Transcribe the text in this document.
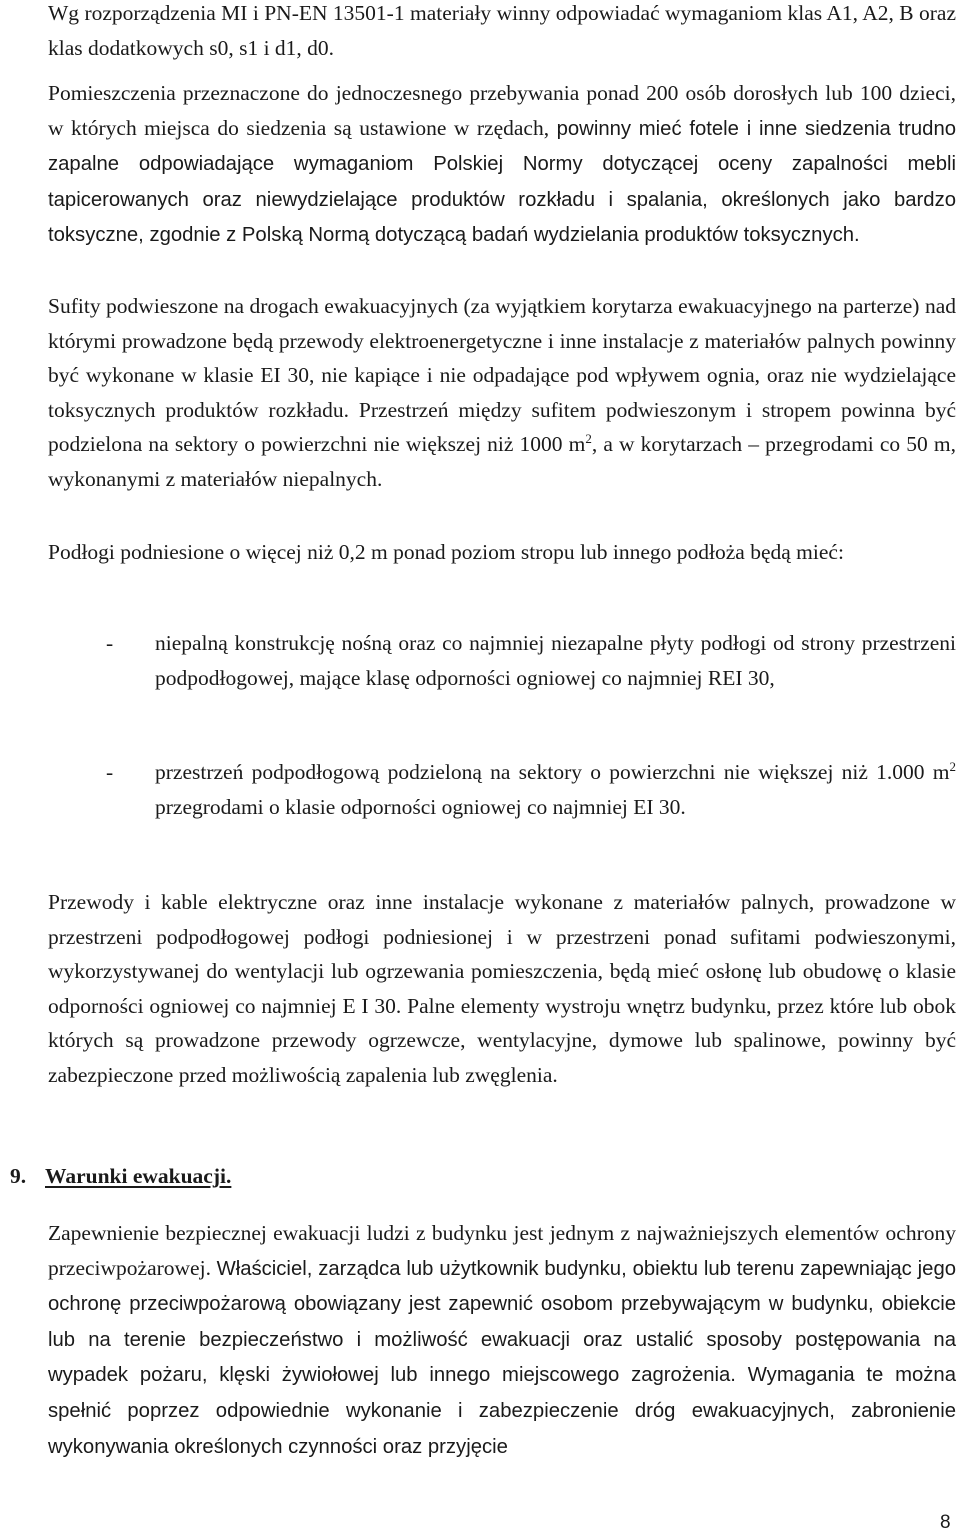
Wg rozporządzenia MI i PN-EN 13501-1 materiały winny odpowiadać wymaganiom klas A1, A2, B oraz klas dodatkowych s0, s1 i d1, d0.

Pomieszczenia przeznaczone do jednoczesnego przebywania ponad 200 osób dorosłych lub 100 dzieci, w których miejsca do siedzenia są ustawione w rzędach, powinny mieć fotele i inne siedzenia trudno zapalne odpowiadające wymaganiom Polskiej Normy dotyczącej oceny zapalności mebli tapicerowanych oraz niewydzielające produktów rozkładu i spalania, określonych jako bardzo toksyczne, zgodnie z Polską Normą dotyczącą badań wydzielania produktów toksycznych.

Sufity podwieszone na drogach ewakuacyjnych (za wyjątkiem korytarza ewakuacyjnego na parterze) nad którymi prowadzone będą przewody elektroenergetyczne i inne instalacje z materiałów palnych powinny być wykonane w klasie EI 30, nie kapiące i nie odpadające pod wpływem ognia, oraz nie wydzielające toksycznych produktów rozkładu. Przestrzeń między sufitem podwieszonym i stropem powinna być podzielona na sektory o powierzchni nie większej niż 1000 $m^2$, a w korytarzach – przegrodami co 50 m, wykonanymi z materiałów niepalnych.

Podłogi podniesione o więcej niż 0,2 m ponad poziom stropu lub innego podłoża będą mieć:

-	niepalną konstrukcję nośną oraz co najmniej niezapalne płyty podłogi od strony przestrzeni podpodłogowej, mające klasę odporności ogniowej co najmniej REI 30,

-	przestrzeń podpodłogową podzieloną na sektory o powierzchni nie większej niż 1.000 $m^2$ przegrodami o klasie odporności ogniowej co najmniej EI 30.

Przewody i kable elektryczne oraz inne instalacje wykonane z materiałów palnych, prowadzone w przestrzeni podpodłogowej podłogi podniesionej i w przestrzeni ponad sufitami podwieszonymi, wykorzystywanej do wentylacji lub ogrzewania pomieszczenia, będą mieć osłonę lub obudowę o klasie odporności ogniowej co najmniej E I 30. Palne elementy wystroju wnętrz budynku, przez które lub obok których są prowadzone przewody ogrzewcze, wentylacyjne, dymowe lub spalinowe, powinny być zabezpieczone przed możliwością zapalenia lub zwęglenia.

9. Warunki ewakuacji.

Zapewnienie bezpiecznej ewakuacji ludzi z budynku jest jednym z najważniejszych elementów ochrony przeciwpożarowej. Właściciel, zarządca lub użytkownik budynku, obiektu lub terenu zapewniając jego ochronę przeciwpożarową obowiązany jest zapewnić osobom przebywającym w budynku, obiekcie lub na terenie bezpieczeństwo i możliwość ewakuacji oraz ustalić sposoby postępowania na wypadek pożaru, klęski żywiołowej lub innego miejscowego zagrożenia. Wymagania te można spełnić poprzez odpowiednie wykonanie i zabezpieczenie dróg ewakuacyjnych, zabronienie wykonywania określonych czynności oraz przyjęcie

8
